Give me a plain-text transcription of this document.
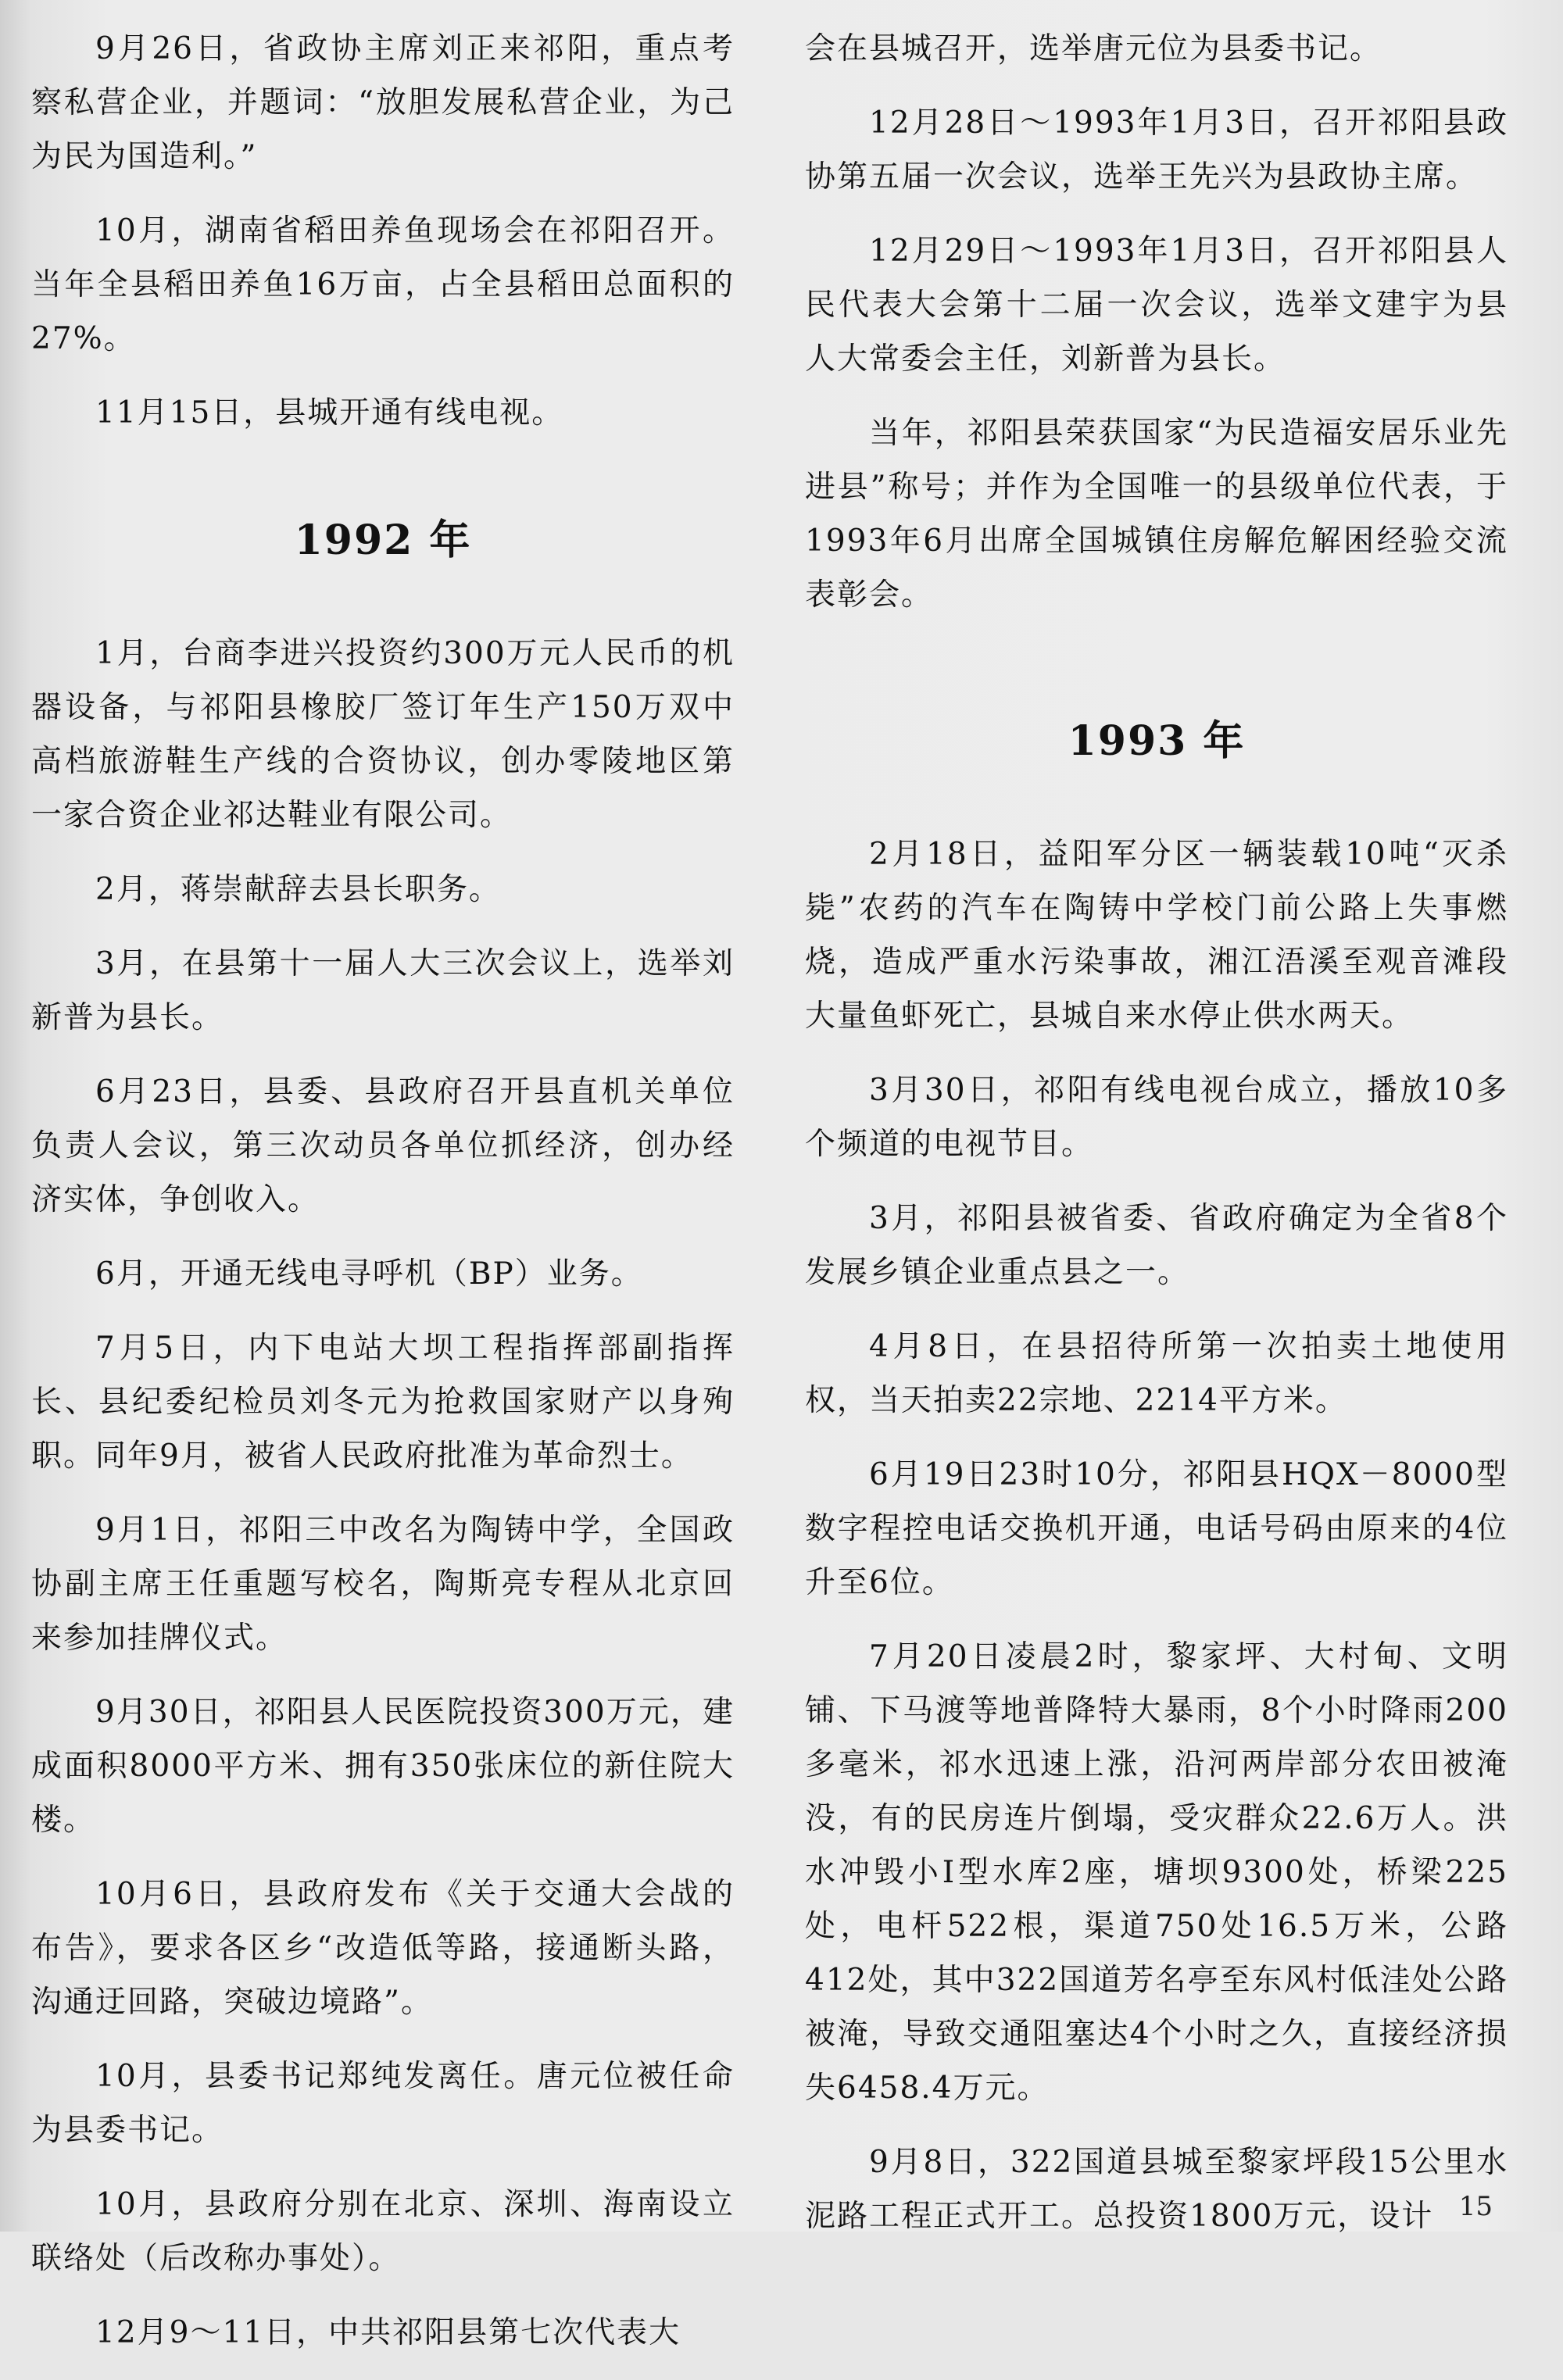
9月26日，省政协主席刘正来祁阳，重点考察私营企业，并题词：“放胆发展私营企业，为己为民为国造利。”

10月，湖南省稻田养鱼现场会在祁阳召开。当年全县稻田养鱼16万亩，占全县稻田总面积的27%。

11月15日，县城开通有线电视。

1992 年

1月，台商李进兴投资约300万元人民币的机器设备，与祁阳县橡胶厂签订年生产150万双中高档旅游鞋生产线的合资协议，创办零陵地区第一家合资企业祁达鞋业有限公司。

2月，蒋崇献辞去县长职务。

3月，在县第十一届人大三次会议上，选举刘新普为县长。

6月23日，县委、县政府召开县直机关单位负责人会议，第三次动员各单位抓经济，创办经济实体，争创收入。

6月，开通无线电寻呼机（BP）业务。

7月5日，内下电站大坝工程指挥部副指挥长、县纪委纪检员刘冬元为抢救国家财产以身殉职。同年9月，被省人民政府批准为革命烈士。

9月1日，祁阳三中改名为陶铸中学，全国政协副主席王任重题写校名，陶斯亮专程从北京回来参加挂牌仪式。

9月30日，祁阳县人民医院投资300万元，建成面积8000平方米、拥有350张床位的新住院大楼。

10月6日，县政府发布《关于交通大会战的布告》，要求各区乡“改造低等路，接通断头路，沟通迂回路，突破边境路”。

10月，县委书记郑纯发离任。唐元位被任命为县委书记。

10月，县政府分别在北京、深圳、海南设立联络处（后改称办事处）。

12月9～11日，中共祁阳县第七次代表大

会在县城召开，选举唐元位为县委书记。

12月28日～1993年1月3日，召开祁阳县政协第五届一次会议，选举王先兴为县政协主席。

12月29日～1993年1月3日，召开祁阳县人民代表大会第十二届一次会议，选举文建宇为县人大常委会主任，刘新普为县长。

当年，祁阳县荣获国家“为民造福安居乐业先进县”称号；并作为全国唯一的县级单位代表，于1993年6月出席全国城镇住房解危解困经验交流表彰会。

1993 年

2月18日，益阳军分区一辆装载10吨“灭杀毙”农药的汽车在陶铸中学校门前公路上失事燃烧，造成严重水污染事故，湘江浯溪至观音滩段大量鱼虾死亡，县城自来水停止供水两天。

3月30日，祁阳有线电视台成立，播放10多个频道的电视节目。

3月，祁阳县被省委、省政府确定为全省8个发展乡镇企业重点县之一。

4月8日，在县招待所第一次拍卖土地使用权，当天拍卖22宗地、2214平方米。

6月19日23时10分，祁阳县HQX－8000型数字程控电话交换机开通，电话号码由原来的4位升至6位。

7月20日凌晨2时，黎家坪、大村甸、文明铺、下马渡等地普降特大暴雨，8个小时降雨200多毫米，祁水迅速上涨，沿河两岸部分农田被淹没，有的民房连片倒塌，受灾群众22.6万人。洪水冲毁小Ⅰ型水库2座，塘坝9300处，桥梁225处，电杆522根，渠道750处16.5万米，公路412处，其中322国道芳名亭至东风村低洼处公路被淹，导致交通阻塞达4个小时之久，直接经济损失6458.4万元。

9月8日，322国道县城至黎家坪段15公里水泥路工程正式开工。总投资1800万元，设计 15
